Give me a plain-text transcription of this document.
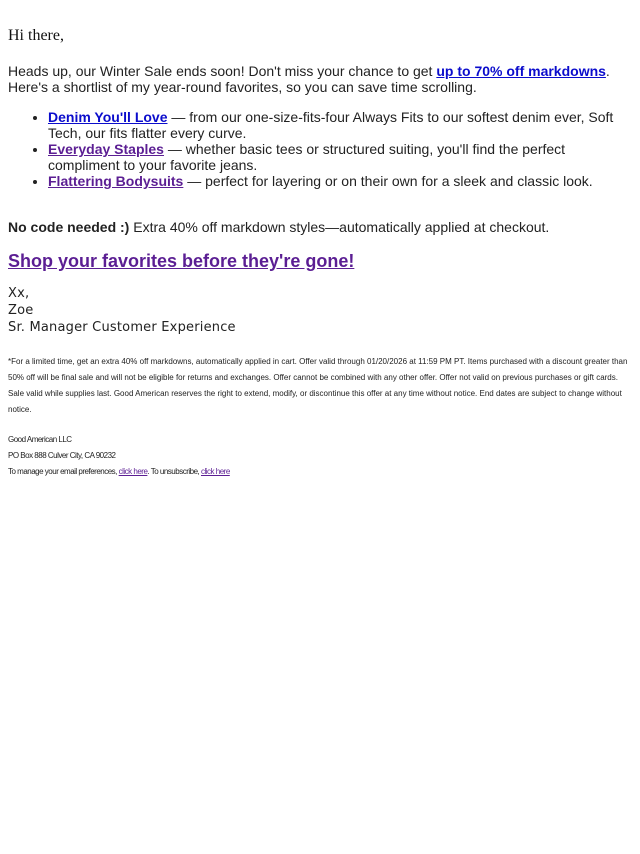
Hi there,

Heads up, our Winter Sale ends soon! Don't miss your chance to get up to 70% off markdowns. Here's a shortlist of my year-round favorites, so you can save time scrolling.

• Denim You'll Love — from our one-size-fits-four Always Fits to our softest denim ever, Soft Tech, our fits flatter every curve.
• Everyday Staples — whether basic tees or structured suiting, you'll find the perfect compliment to your favorite jeans.
• Flattering Bodysuits — perfect for layering or on their own for a sleek and classic look.

No code needed :) Extra 40% off markdown styles—automatically applied at checkout.

Shop your favorites before they're gone!
Xx,
Zoe
Sr. Manager Customer Experience

*For a limited time, get an extra 40% off markdowns, automatically applied in cart. Offer valid through 01/20/2026 at 11:59 PM PT. Items purchased with a discount greater than 50% off will be final sale and will not be eligible for returns and exchanges. Offer cannot be combined with any other offer. Offer not valid on previous purchases or gift cards. Sale valid while supplies last. Good American reserves the right to extend, modify, or discontinue this offer at any time without notice. End dates are subject to change without notice.

Good American LLC
PO Box 888 Culver City, CA 90232
To manage your email preferences, click here. To unsubscribe, click here
